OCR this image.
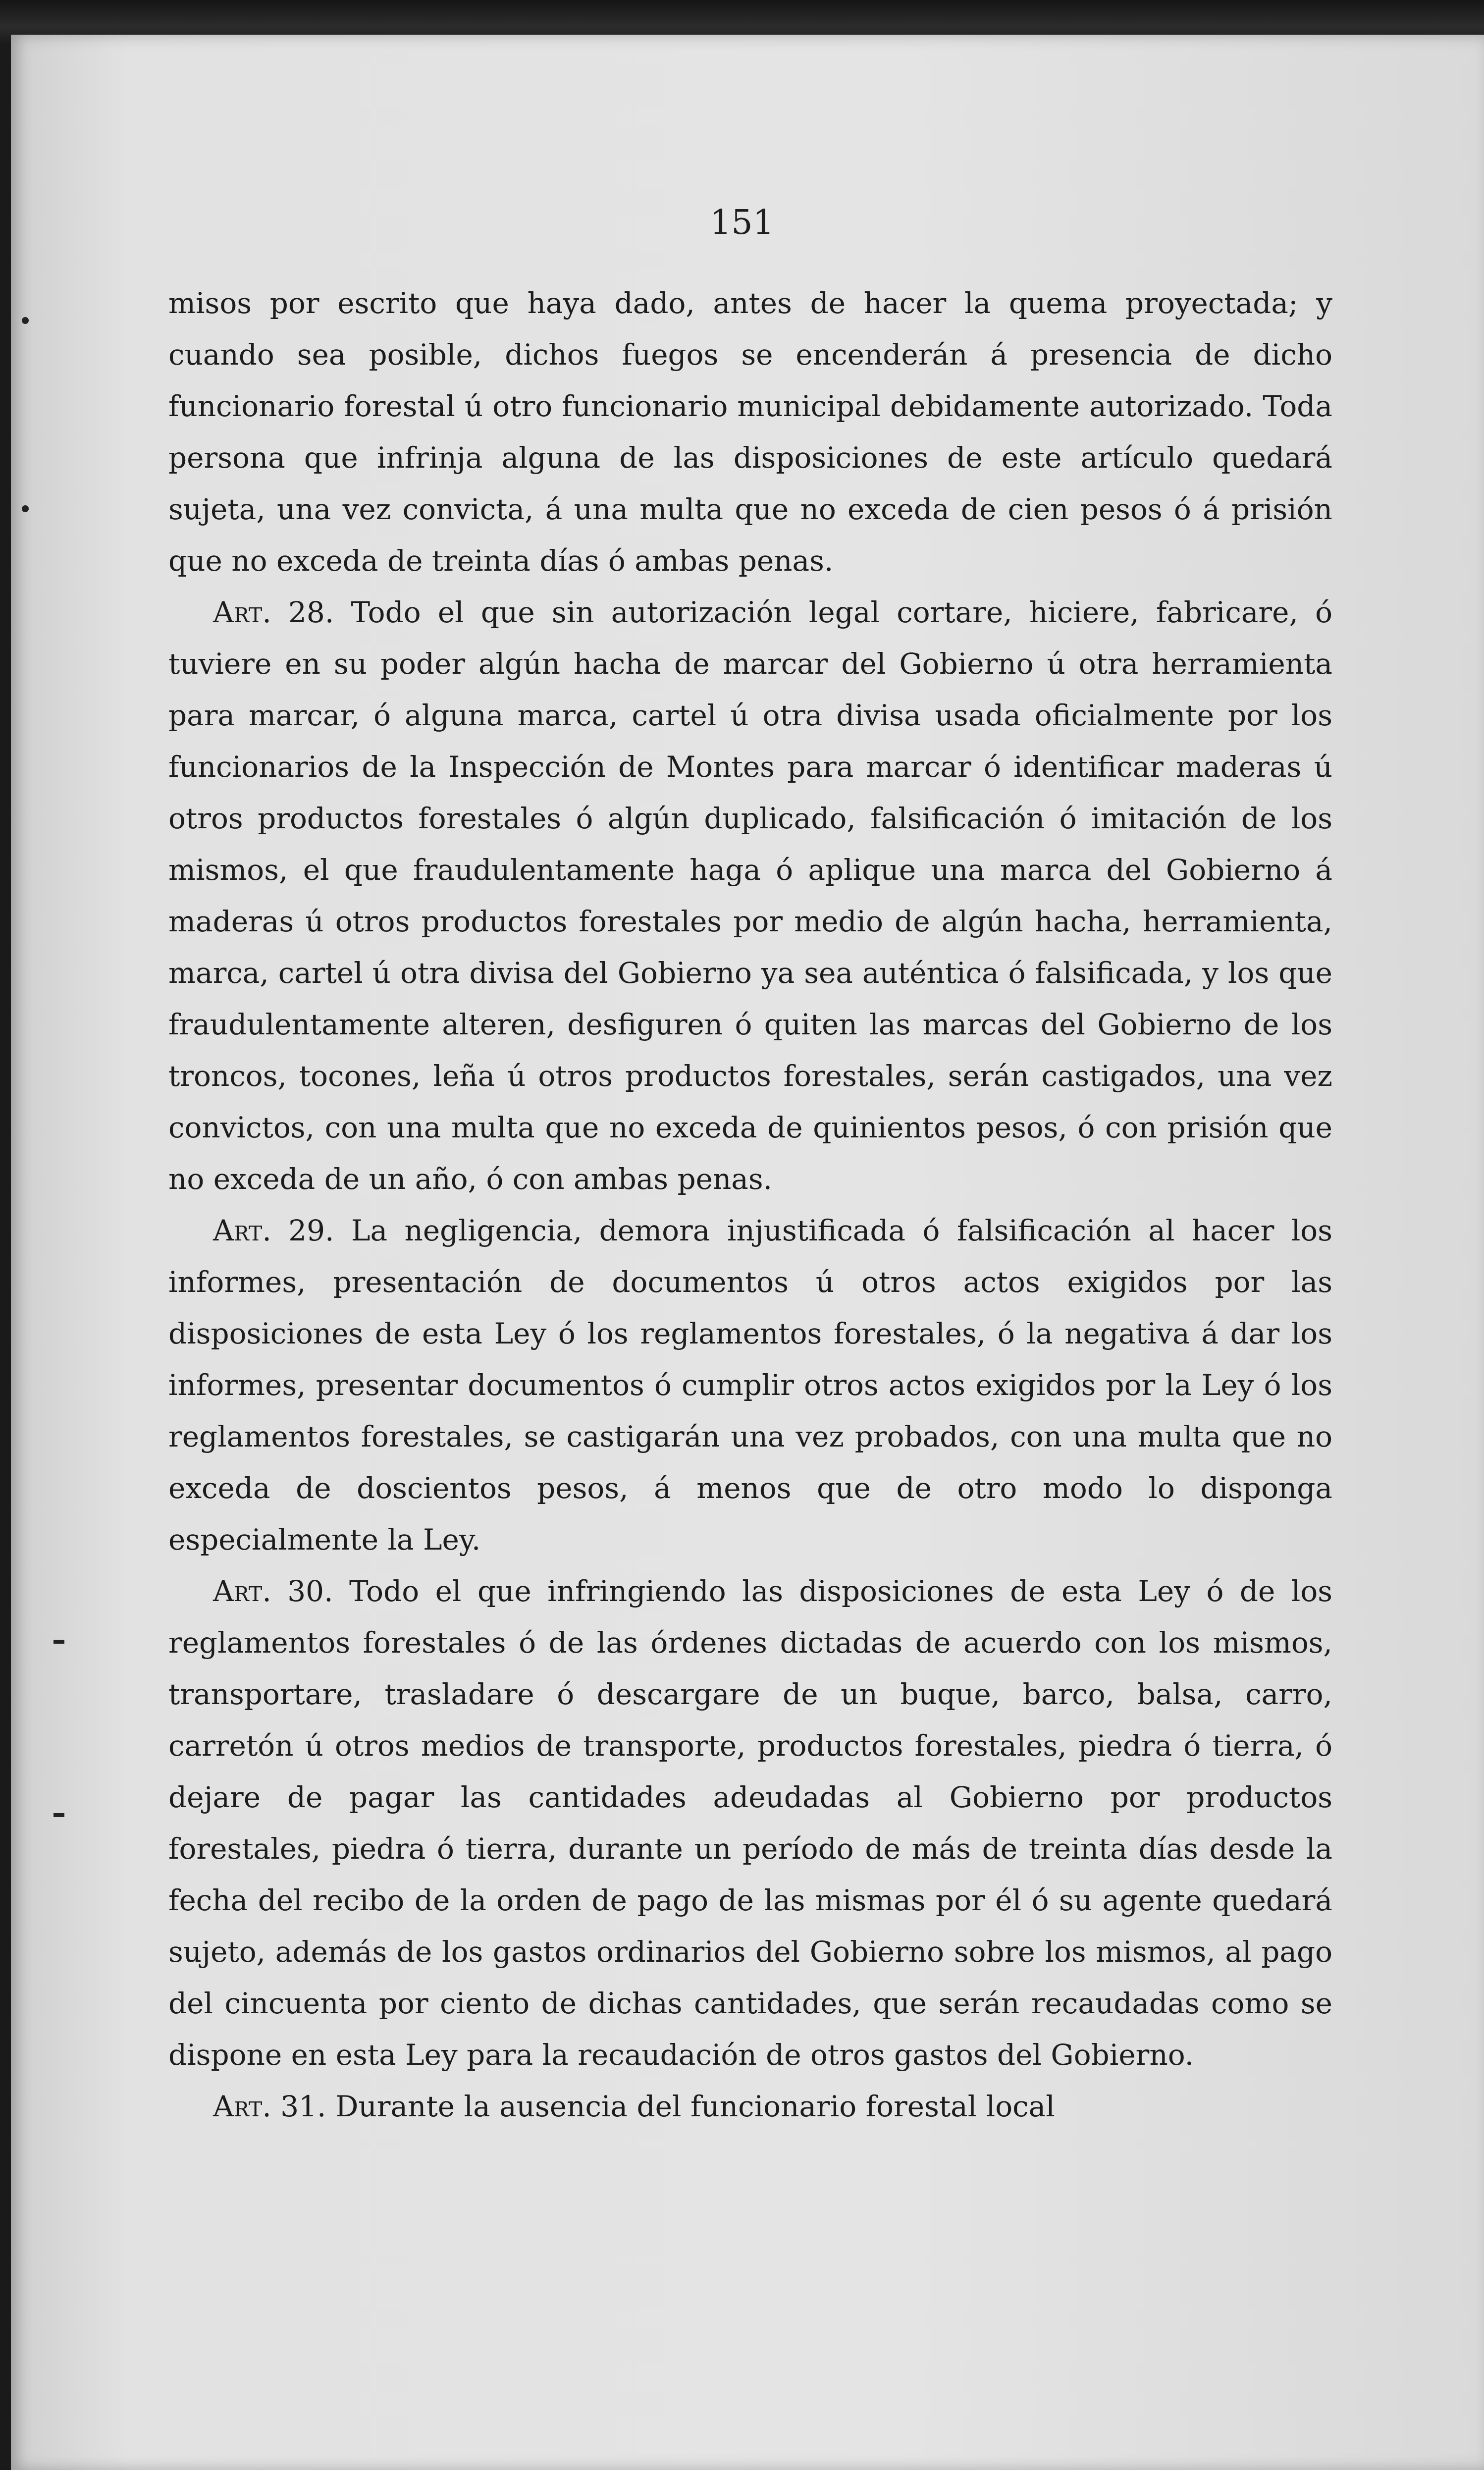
151

misos por escrito que haya dado, antes de hacer la quema proyectada; y cuando sea posible, dichos fuegos se encenderán á presencia de dicho funcionario forestal ú otro funcionario municipal debidamente autorizado. Toda persona que infrinja alguna de las disposiciones de este artículo quedará sujeta, una vez convicta, á una multa que no exceda de cien pesos ó á prisión que no exceda de treinta días ó ambas penas.

Art. 28. Todo el que sin autorización legal cortare, hiciere, fabricare, ó tuviere en su poder algún hacha de marcar del Gobierno ú otra herramienta para marcar, ó alguna marca, cartel ú otra divisa usada oficialmente por los funcionarios de la Inspección de Montes para marcar ó identificar maderas ú otros productos forestales ó algún duplicado, falsificación ó imitación de los mismos, el que fraudulentamente haga ó aplique una marca del Gobierno á maderas ú otros productos forestales por medio de algún hacha, herramienta, marca, cartel ú otra divisa del Gobierno ya sea auténtica ó falsificada, y los que fraudulentamente alteren, desfiguren ó quiten las marcas del Gobierno de los troncos, tocones, leña ú otros productos forestales, serán castigados, una vez convictos, con una multa que no exceda de quinientos pesos, ó con prisión que no exceda de un año, ó con ambas penas.

Art. 29. La negligencia, demora injustificada ó falsificación al hacer los informes, presentación de documentos ú otros actos exigidos por las disposiciones de esta Ley ó los reglamentos forestales, ó la negativa á dar los informes, presentar documentos ó cumplir otros actos exigidos por la Ley ó los reglamentos forestales, se castigarán una vez probados, con una multa que no exceda de doscientos pesos, á menos que de otro modo lo disponga especialmente la Ley.

Art. 30. Todo el que infringiendo las disposiciones de esta Ley ó de los reglamentos forestales ó de las órdenes dictadas de acuerdo con los mismos, transportare, trasladare ó descargare de un buque, barco, balsa, carro, carretón ú otros medios de transporte, productos forestales, piedra ó tierra, ó dejare de pagar las cantidades adeudadas al Gobierno por productos forestales, piedra ó tierra, durante un período de más de treinta días desde la fecha del recibo de la orden de pago de las mismas por él ó su agente quedará sujeto, además de los gastos ordinarios del Gobierno sobre los mismos, al pago del cincuenta por ciento de dichas cantidades, que serán recaudadas como se dispone en esta Ley para la recaudación de otros gastos del Gobierno.

Art. 31. Durante la ausencia del funcionario forestal local
